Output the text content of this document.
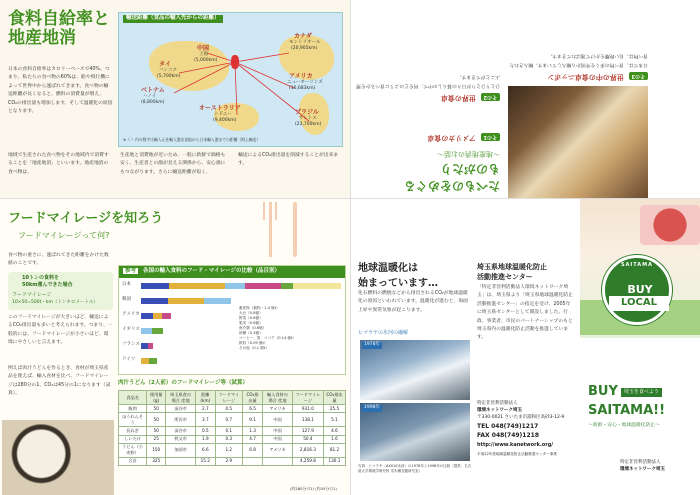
食料自給率と
地産地消
日本の食料自給率はカロリーベースで40%。つまり、私たちの食べ物の60%は、船や飛行機によって世界中から運ばれてきます。食べ物の輸送距離が長くなると、燃料の消費量が増え、CO₂の排出量も増加します。そして温暖化の原因となります。
地域で生産された食べ物をその地域内で消費することを「地産地消」といいます。地産地消の食べ物は、
生産地と消費地が近いため、一般に新鮮で価格も安く、生産者との顔が見える関係から、安心感にもつながります。さらに輸送距離が短く、
輸送によるCO₂排出量を削減することが出来ます。
輸送距離（食品の輸入先からの距離）
中国
上海
(5,000km)
カナダ
モントリオール
(20,905km)
タイ
バンコク
(5,700km)
ベトナム
ハノイ
(8,800km)
アメリカ
ニューオーリンズ
(16,683km)
オーストラリア
シドニー
(9,400km)
ブラジル
サントス
(23,700km)
※（ ）内の数字は輸入元を輸入港出発地から日本輸入港までの距離（海上輸送）
フードマイレージを知ろう
フードマイレージって何?
食べ物の重さに、運ばれてきた距離をかけた数値のことです。
10トンの食料を
50km運んできた場合
フードマイレージ
10×50=500t・km（トンキロメートル）
このフードマイレージが大きいほど、輸送によるCO₂排出量も多いと考えられます。つまり、一般的には、フードマイレージが小さいほど、環境にやさしいと言えます。
例えば肉汁うどんを作るとき、食材が埼玉県産品を使えば、輸入食材を比べ、フードマイレージは280分の1、CO₂は45分の1になります（試算）。
参考 各国の輸入食料のフード・マイレージの比較（品目別）
日本
韓国
アメリカ
イギリス
フランス
ドイツ
畜産物（穀物・1.4 億t）
大豆（0.8億）
野菜（0.6億）
果実（0.6億）
魚介類（0.6億）
砂糖（0.3億）
コーヒー、茶、ココア（0.14 億t）
飲料（0.09 億t）
その他（0.1 億t）
肉汁うどん（2人前）のフードマイレージ等（試算）
食品名	使用量(g)	埼玉県産の場合 産地	距離(km)	フードマイレージ	CO₂排出量	輸入食材の場合 産地	フードマイレージ	CO₂排出量
豚肉	50	深谷市	2.7	0.5	6.5	アメリカ	931.0	25.5
ほうれんそう	50	所沢市	3.7	0.7	9.1	中国	138.1	5.1
長ねぎ	50	深谷市	0.5	0.1	1.3	中国	127.9	4.6
しいたけ	25	秩父市	1.9	0.3	4.7	中国	50.4	1.6
うどん（小麦粉）	150	加須市	6.6	1.2	6.8	アメリカ	2,816.3	81.2
合計	325		15.2	2.9			4,259.8	130.1
(約280分の1) (約45分の1)
たべものをめぐる
ものがたり
～地産地消のお話～
その1 アメリカの食卓
その2 世界の食卓
ひとりひとりが日々の暮らしの中で、何をどのように食べるかを選ぶことができます。	その3 世界の中の食卓ニッポン
日本では、食べ物の多くを外国から輸入しています。輸入された食べ物は、長い距離をかけて運ばれてきます。
地球温暖化は
始まっています…
化石燃料の燃焼などから排出されるCO₂が地球温暖化の原因といわれています。温暖化が進むと、海面上昇や異常気象が起こります。
ヒマラヤの氷河の融解
1978年
1998年
写真：ヒマラヤ（AX010氷河）の1978年と1998年の比較（提供：名古屋大学環境学研究科 雪氷圏変動研究室）
埼玉県地球温暖化防止
活動推進センター
「特定非営利活動法人環境ネットワーク埼玉」は、埼玉県より「埼玉県地球温暖化防止活動推進センター」の指定を受け、2005年に埼玉県センターとして開設しました。行政、事業者、市民のパートナーシップのもと埼玉県内の温暖化防止活動を推進しています。
特定非営利活動法人
環境ネットワーク埼玉
〒330-0021 さいたま市浦和区高砂3-12-9
TEL 048(749)1217
FAX 048(749)1218
http://www.kanetwork.org/
平成22年度地球温暖化防止活動推進センター事業
SAITAMA
BUY
LOCAL
BUY	埼玉を食べよう
SAITAMA!!
～新鮮・安心・地球温暖化防止～
特定非営利活動法人
環境ネットワーク埼玉
